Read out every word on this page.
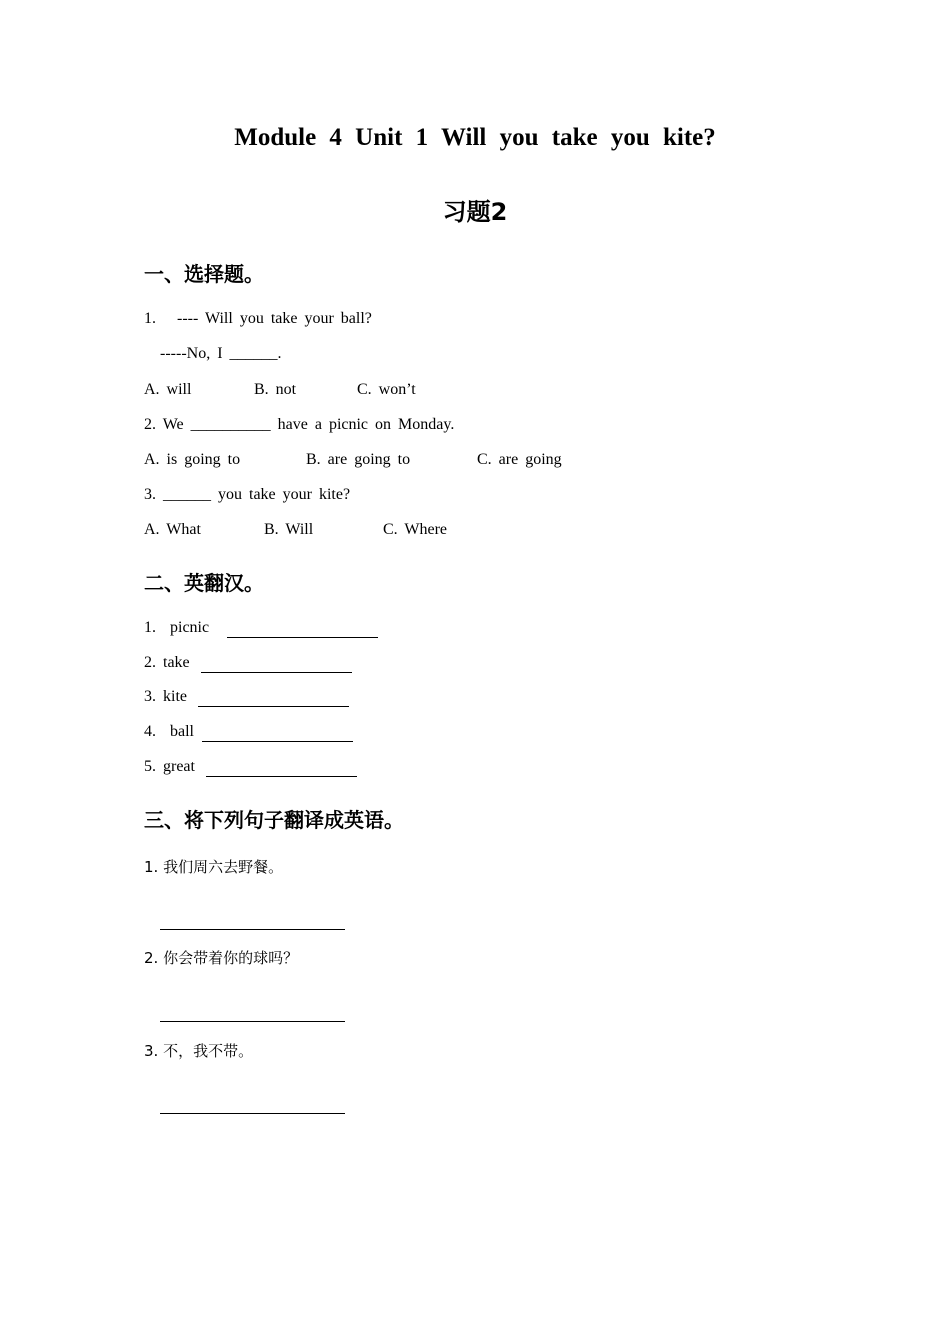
Module 4 Unit 1 Will you take you kite?
习题2
一、选择题。
1.   ---- Will you take your ball?
-----No, I ______.
A. will	B. not	C. won’t
2. We __________ have a picnic on Monday.
A. is going to	B. are going to	C. are going
3. ______ you take your kite?
A. What	B. Will	C. Where
二、英翻汉。
1.  picnic
2. take
3. kite
4.  ball
5. great
三、将下列句子翻译成英语。
1. 我们周六去野餐。
2. 你会带着你的球吗？
3. 不，我不带。
